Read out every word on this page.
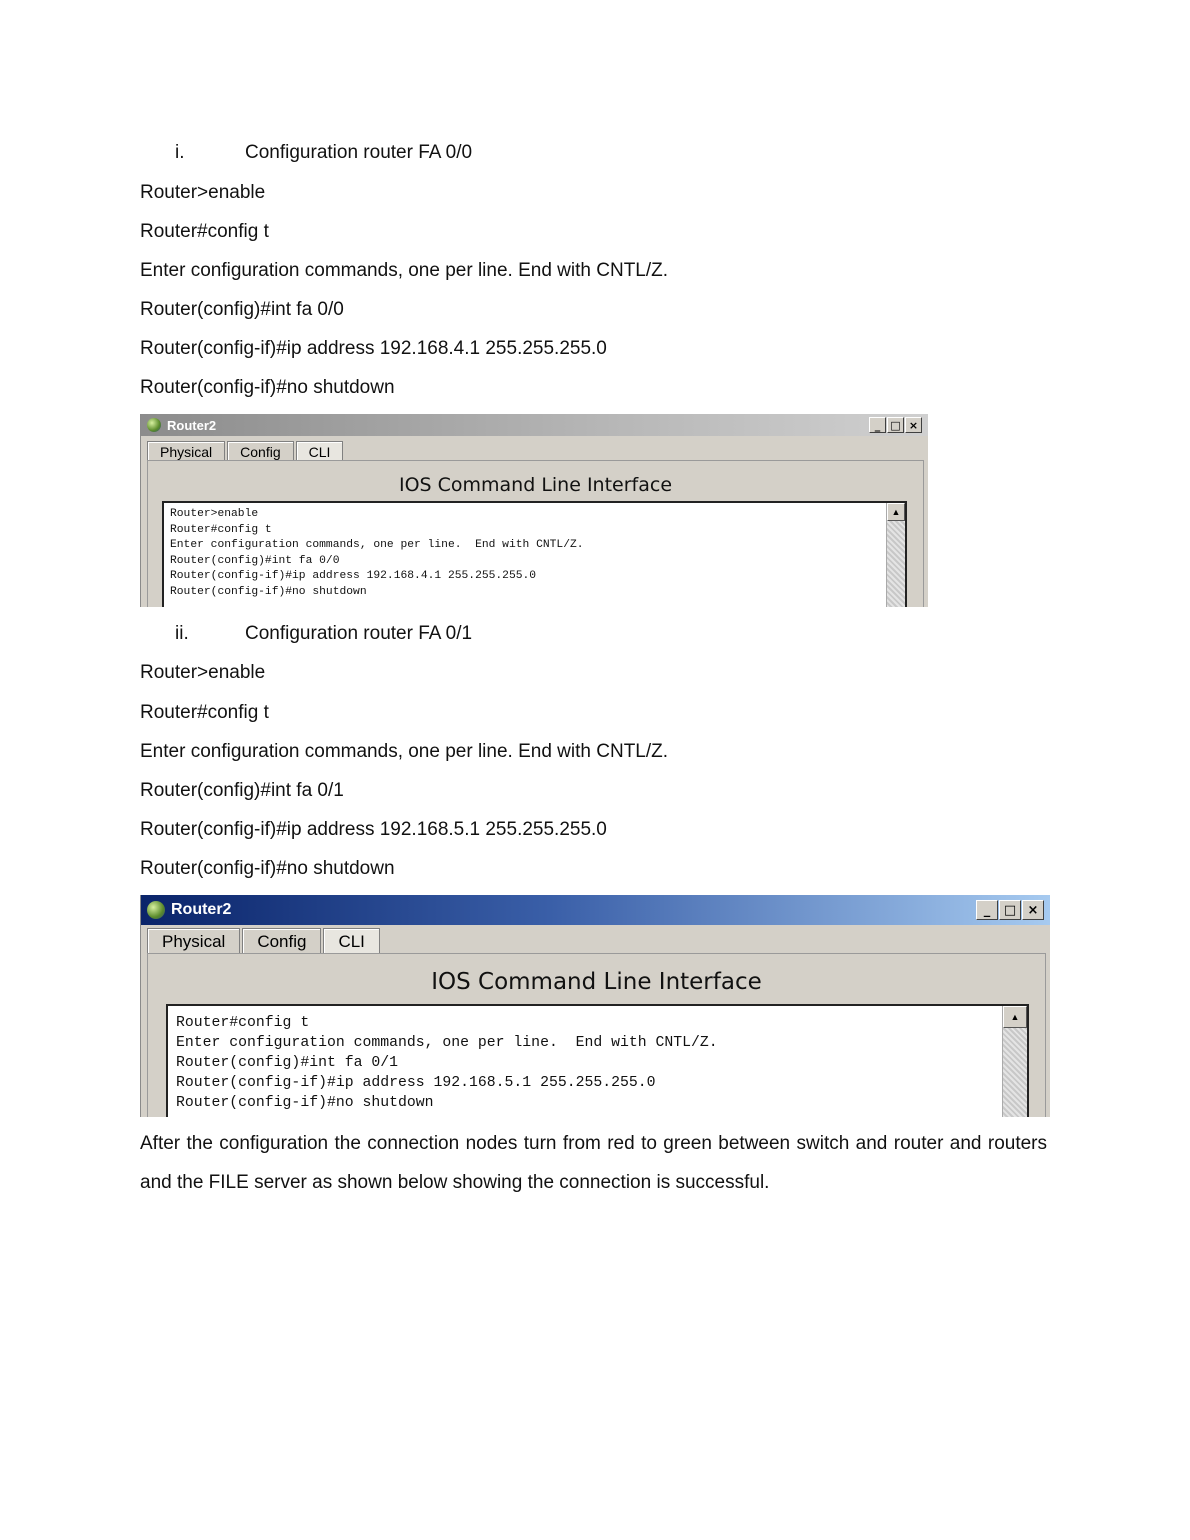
i.	Configuration router FA 0/0
Router>enable
Router#config t
Enter configuration commands, one per line. End with CNTL/Z.
Router(config)#int fa 0/0
Router(config-if)#ip address 192.168.4.1 255.255.255.0
Router(config-if)#no shutdown
Router2	_ □ ×
Physical	Config	CLI
IOS Command Line Interface
Router>enable
Router#config t
Enter configuration commands, one per line.  End with CNTL/Z.
Router(config)#int fa 0/0
Router(config-if)#ip address 192.168.4.1 255.255.255.0
Router(config-if)#no shutdown
▲
ii.	Configuration router FA 0/1
Router>enable
Router#config t
Enter configuration commands, one per line. End with CNTL/Z.
Router(config)#int fa 0/1
Router(config-if)#ip address 192.168.5.1 255.255.255.0
Router(config-if)#no shutdown
Router2	_	□ ×
Physical	Config	CLI
IOS Command Line Interface
Router#config t
Enter configuration commands, one per line.  End with CNTL/Z.
Router(config)#int fa 0/1
Router(config-if)#ip address 192.168.5.1 255.255.255.0
Router(config-if)#no shutdown
▲
After the configuration the connection nodes turn from red to green between switch and router and routers and the FILE server as shown below showing the connection is successful.
